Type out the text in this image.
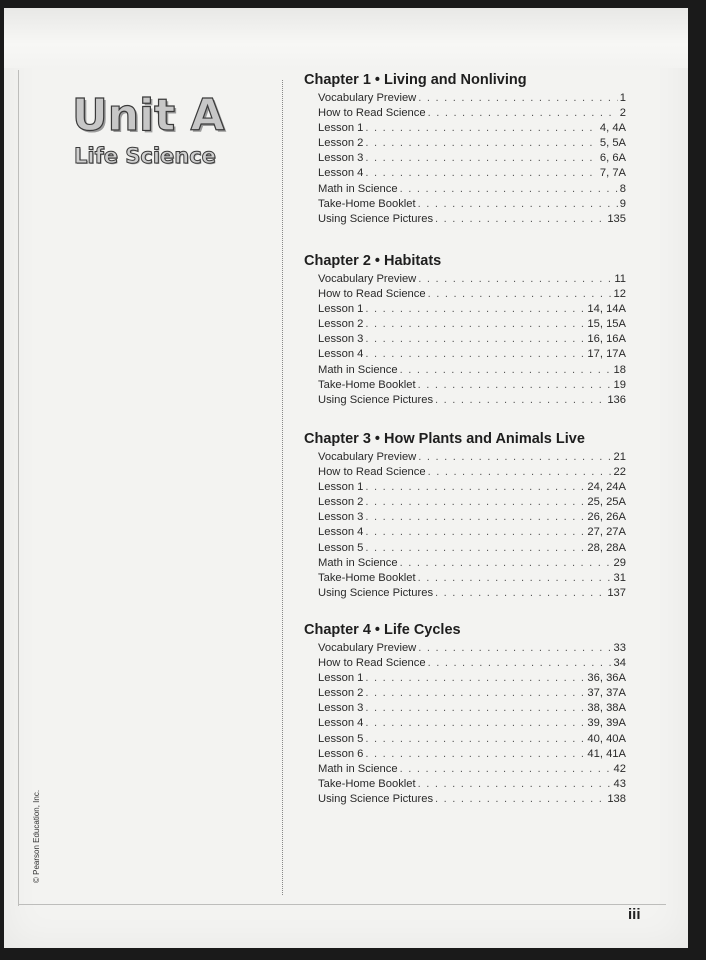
Unit A
Life Science
© Pearson Education, Inc.
iii
Chapter 1 • Living and Nonliving
Vocabulary Preview . . .	1
How to Read Science . . .	2
Lesson 1 . . .	4, 4A
Lesson 2 . . .	5, 5A
Lesson 3 . . .	6, 6A
Lesson 4 . . .	7, 7A
Math in Science . . .	8
Take-Home Booklet . . .	9
Using Science Pictures . . .	135
Chapter 2 • Habitats
Vocabulary Preview . . .	11
How to Read Science . . .	12
Lesson 1 . . .	14, 14A
Lesson 2 . . .	15, 15A
Lesson 3 . . .	16, 16A
Lesson 4 . . .	17, 17A
Math in Science . . .	18
Take-Home Booklet . . .	19
Using Science Pictures . . .	136
Chapter 3 • How Plants and Animals Live
Vocabulary Preview . . .	21
How to Read Science . . .	22
Lesson 1 . . .	24, 24A
Lesson 2 . . .	25, 25A
Lesson 3 . . .	26, 26A
Lesson 4 . . .	27, 27A
Lesson 5 . . .	28, 28A
Math in Science . . .	29
Take-Home Booklet . . .	31
Using Science Pictures . . .	137
Chapter 4 • Life Cycles
Vocabulary Preview . . .	33
How to Read Science . . .	34
Lesson 1 . . .	36, 36A
Lesson 2 . . .	37, 37A
Lesson 3 . . .	38, 38A
Lesson 4 . . .	39, 39A
Lesson 5 . . .	40, 40A
Lesson 6 . . .	41, 41A
Math in Science . . .	42
Take-Home Booklet . . .	43
Using Science Pictures . . .	138
